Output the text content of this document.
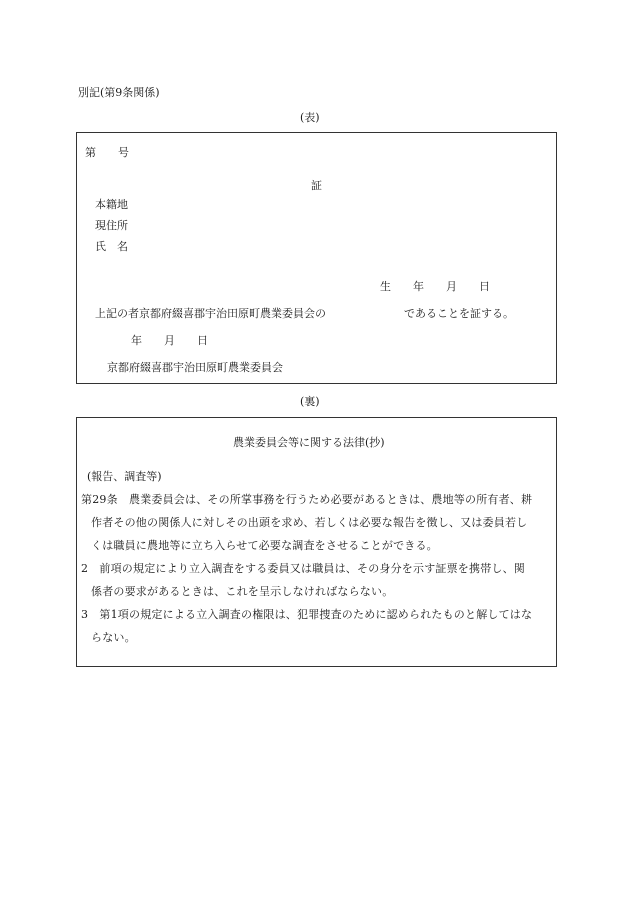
別記(第9条関係)
(表)
第　　号
証
本籍地
現住所
氏　名
生　　年　　月　　日
上記の者京都府綴喜郡宇治田原町農業委員会の	であることを証する。
年　　月　　日
京都府綴喜郡宇治田原町農業委員会
(裏)
農業委員会等に関する法律(抄)
(報告、調査等)
第29条　農業委員会は、その所掌事務を行うため必要があるときは、農地等の所有者、耕
作者その他の関係人に対しその出頭を求め、若しくは必要な報告を徴し、又は委員若し
くは職員に農地等に立ち入らせて必要な調査をさせることができる。
2　前項の規定により立入調査をする委員又は職員は、その身分を示す証票を携帯し、関
係者の要求があるときは、これを呈示しなければならない。
3　第1項の規定による立入調査の権限は、犯罪捜査のために認められたものと解してはな
らない。
